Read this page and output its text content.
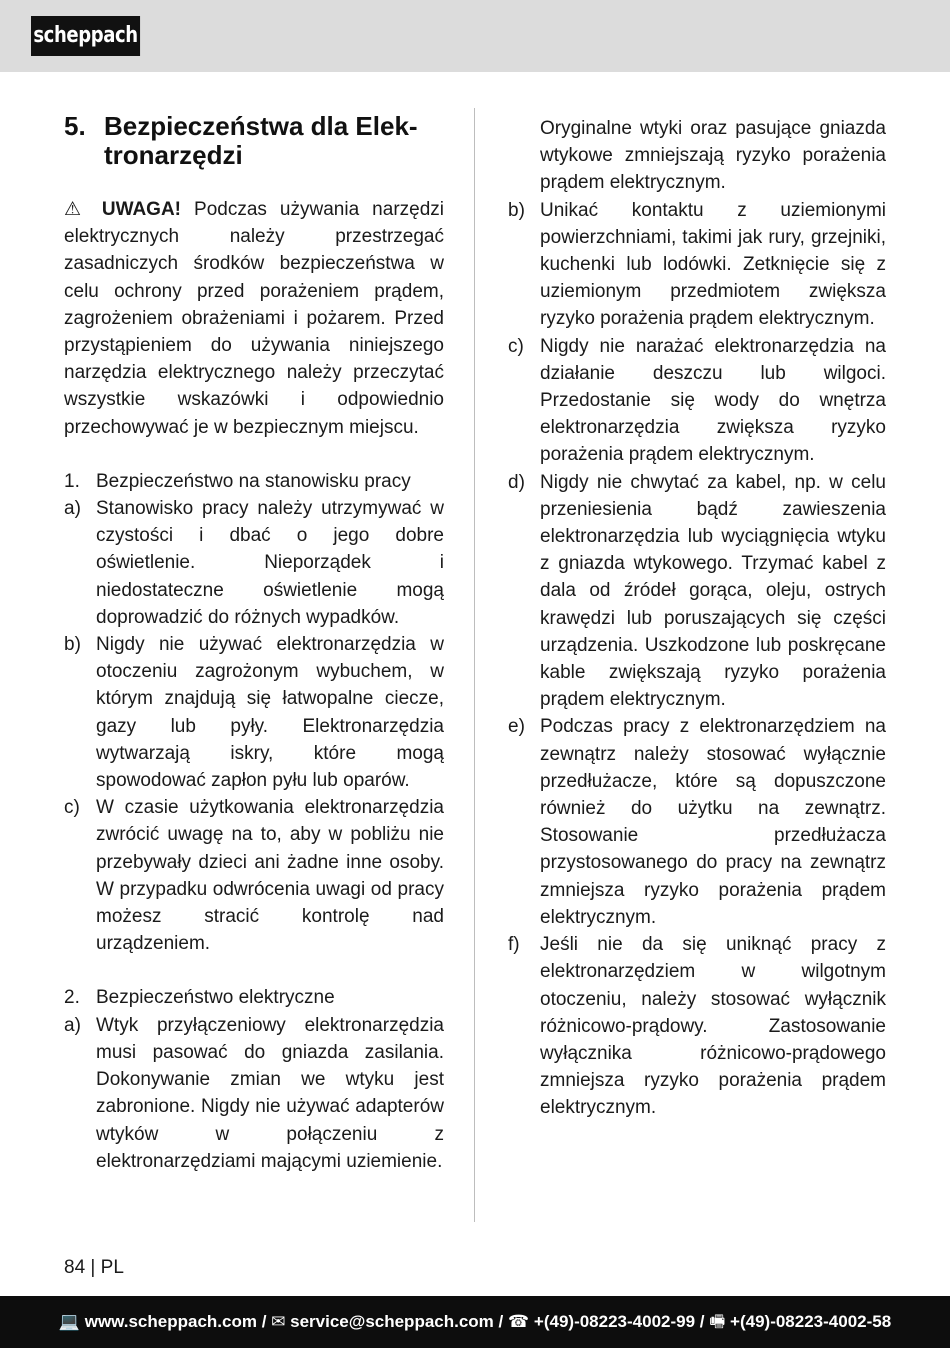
scheppach
5. Bezpieczeństwa dla Elek-tronarzędzi

⚠ UWAGA! Podczas używania narzędzi elektrycznych należy przestrzegać zasadniczych środków bezpieczeństwa w celu ochrony przed porażeniem prądem, zagrożeniem obrażeniami i pożarem. Przed przystąpieniem do używania niniejszego narzędzia elektrycznego należy przeczytać wszystkie wskazówki i odpowiednio przechowywać je w bezpiecznym miejscu.

1. Bezpieczeństwo na stanowisku pracy
a) Stanowisko pracy należy utrzymywać w czystości i dbać o jego dobre oświetlenie. Nieporządek i niedostateczne oświetlenie mogą doprowadzić do różnych wypadków.
b) Nigdy nie używać elektronarzędzia w otoczeniu zagrożonym wybuchem, w którym znajdują się łatwopalne ciecze, gazy lub pyły. Elektronarzędzia wytwarzają iskry, które mogą spowodować zapłon pyłu lub oparów.
c) W czasie użytkowania elektronarzędzia zwrócić uwagę na to, aby w pobliżu nie przebywały dzieci ani żadne inne osoby. W przypadku odwrócenia uwagi od pracy możesz stracić kontrolę nad urządzeniem.
2. Bezpieczeństwo elektryczne
a) Wtyk przyłączeniowy elektronarzędzia musi pasować do gniazda zasilania. Dokonywanie zmian we wtyku jest zabronione. Nigdy nie używać adapterów wtyków w połączeniu z elektronarzędziami mającymi uziemienie.

Oryginalne wtyki oraz pasujące gniazda wtykowe zmniejszają ryzyko porażenia prądem elektrycznym.

b) Unikać kontaktu z uziemionymi powierzchniami, takimi jak rury, grzejniki, kuchenki lub lodówki. Zetknięcie się z uziemionym przedmiotem zwiększa ryzyko porażenia prądem elektrycznym.
c) Nigdy nie narażać elektronarzędzia na działanie deszczu lub wilgoci. Przedostanie się wody do wnętrza elektronarzędzia zwiększa ryzyko porażenia prądem elektrycznym.
d) Nigdy nie chwytać za kabel, np. w celu przeniesienia bądź zawieszenia elektronarzędzia lub wyciągnięcia wtyku z gniazda wtykowego. Trzymać kabel z dala od źródeł gorąca, oleju, ostrych krawędzi lub poruszających się części urządzenia. Uszkodzone lub poskręcane kable zwiększają ryzyko porażenia prądem elektrycznym.
e) Podczas pracy z elektronarzędziem na zewnątrz należy stosować wyłącznie przedłużacze, które są dopuszczone również do użytku na zewnątrz. Stosowanie przedłużacza przystosowanego do pracy na zewnątrz zmniejsza ryzyko porażenia prądem elektrycznym.
f)	Jeśli nie da się uniknąć pracy z elektronarzędziem w wilgotnym otoczeniu, należy stosować wyłącznik różnicowo-prądowy. Zastosowanie wyłącznika różnicowo-prądowego zmniejsza ryzyko porażenia prądem elektrycznym.
84 | PL
💻 www.scheppach.com / ✉ service@scheppach.com / ☎ +(49)-08223-4002-99 / 🖷 +(49)-08223-4002-58
